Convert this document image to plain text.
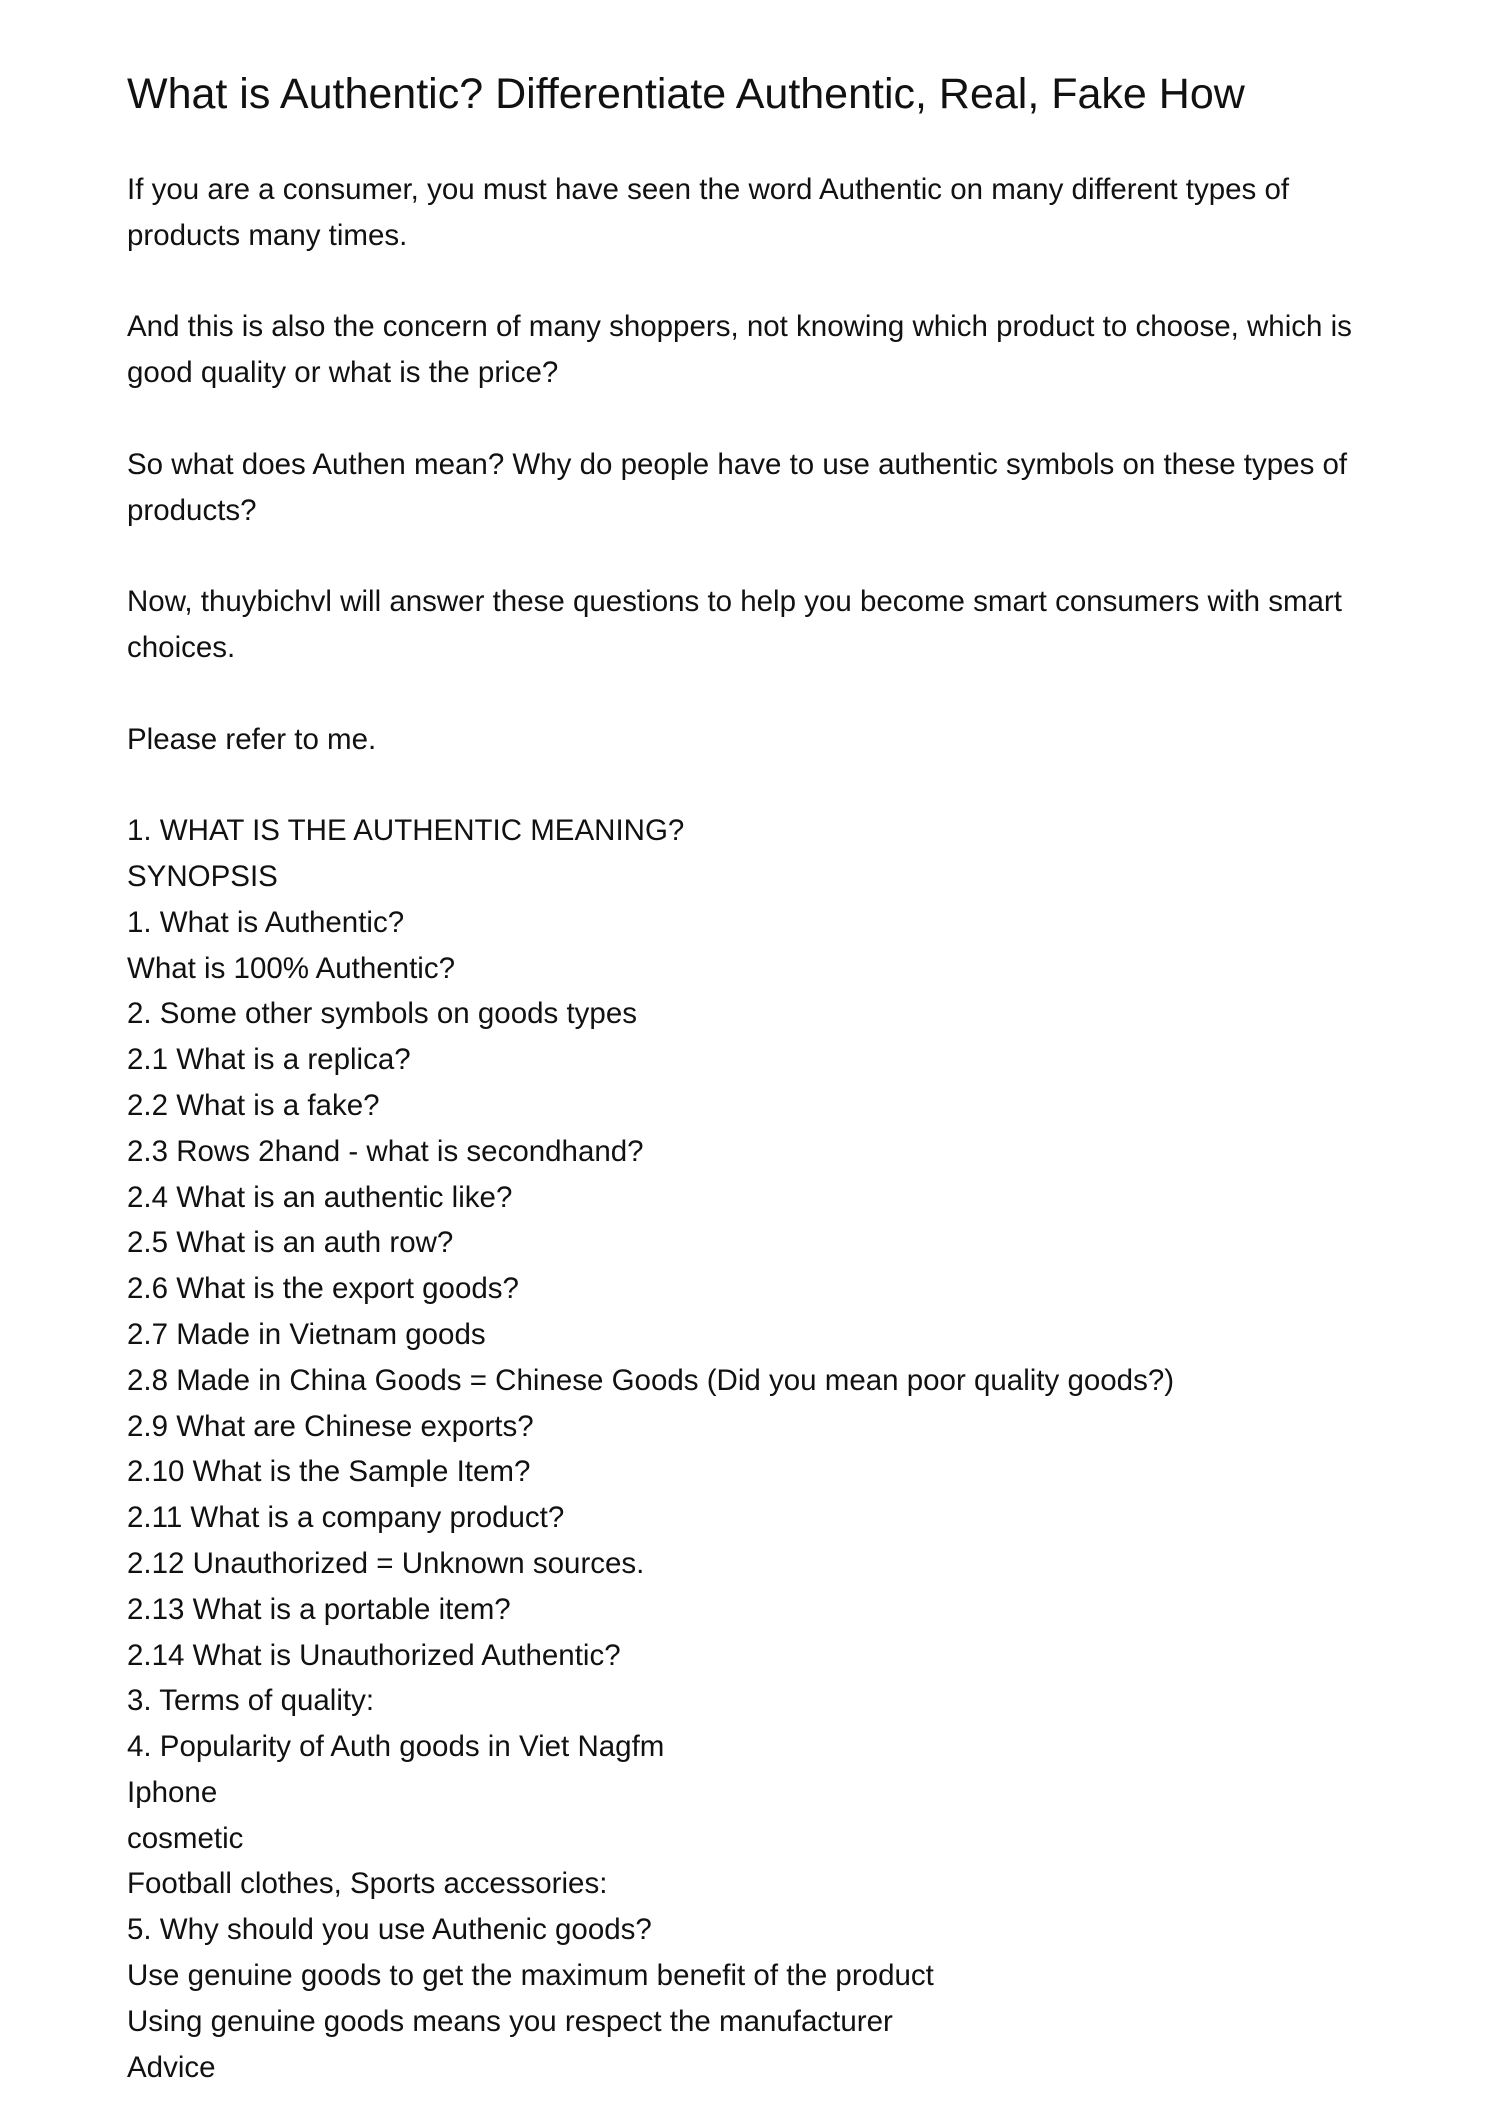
What is Authentic? Differentiate Authentic, Real, Fake How

If you are a consumer, you must have seen the word Authentic on many different types of products many times.

And this is also the concern of many shoppers, not knowing which product to choose, which is good quality or what is the price?

So what does Authen mean? Why do people have to use authentic symbols on these types of products?

Now, thuybichvl will answer these questions to help you become smart consumers with smart choices.

Please refer to me.

1. WHAT IS THE AUTHENTIC MEANING?
SYNOPSIS
1. What is Authentic?
What is 100% Authentic?
2. Some other symbols on goods types
2.1 What is a replica?
2.2 What is a fake?
2.3 Rows 2hand - what is secondhand?
2.4 What is an authentic like?
2.5 What is an auth row?
2.6 What is the export goods?
2.7 Made in Vietnam goods
2.8 Made in China Goods = Chinese Goods (Did you mean poor quality goods?)
2.9 What are Chinese exports?
2.10 What is the Sample Item?
2.11 What is a company product?
2.12 Unauthorized = Unknown sources.
2.13 What is a portable item?
2.14 What is Unauthorized Authentic?
3. Terms of quality:
4. Popularity of Auth goods in Viet Nagfm
Iphone
cosmetic
Football clothes, Sports accessories:
5. Why should you use Authenic goods?
Use genuine goods to get the maximum benefit of the product
Using genuine goods means you respect the manufacturer
Advice
